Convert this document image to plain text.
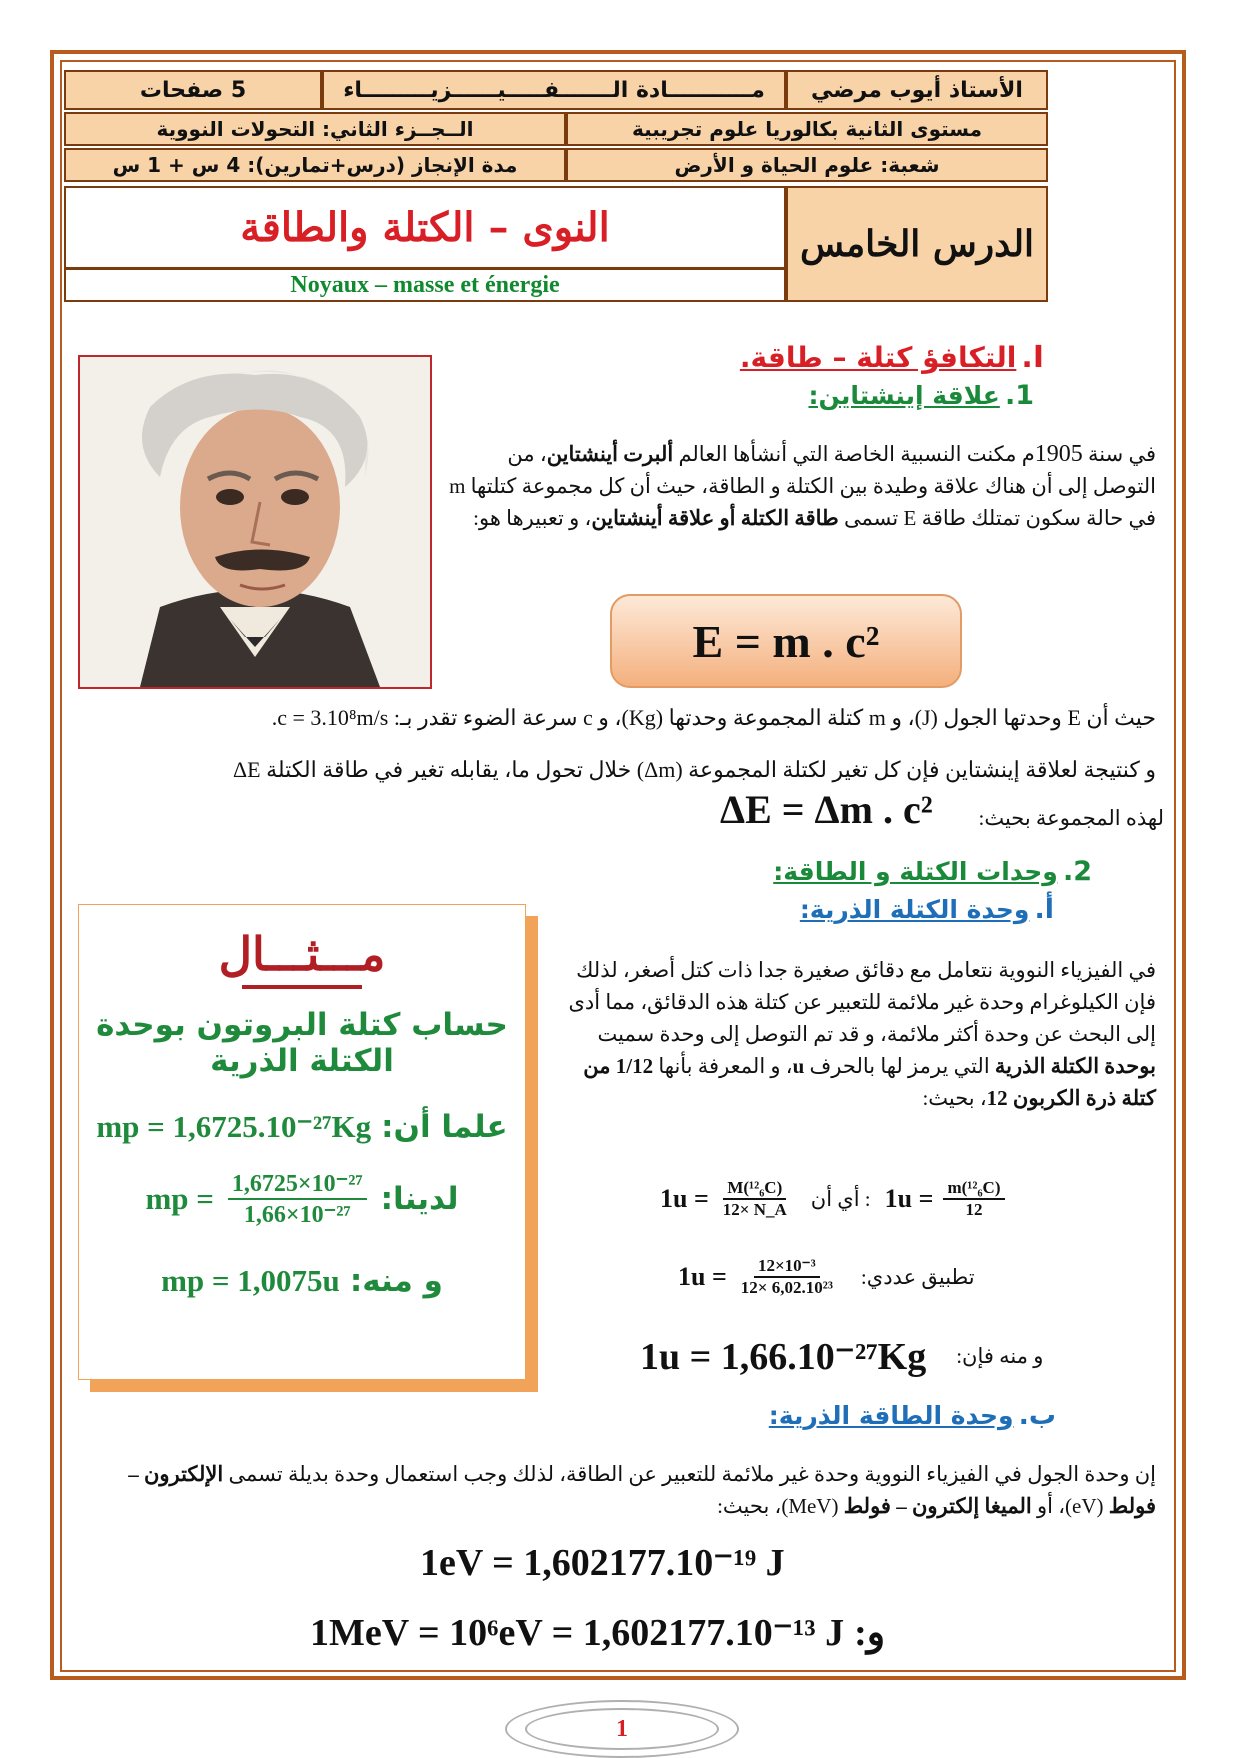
الأستاذ أيوب مرضي
مـــــــــــادة الـــــــفـــــيــــــزيـــــــــاء
5 صفحات
مستوى الثانية بكالوريا علوم تجريبية
الــجــزء الثاني: التحولات النووية
شعبة: علوم الحياة و الأرض
مدة الإنجاز (درس+تمارين): 4 س + 1 س
الدرس الخامس
النوى – الكتلة والطاقة
Noyaux – masse et énergie
I. التكافؤ كتلة – طاقة.
1. علاقة إينشتاين:
في سنة 1905م مكنت النسبية الخاصة التي أنشأها العالم ألبرت أينشتاين، من التوصل إلى أن هناك علاقة وطيدة بين الكتلة و الطاقة، حيث أن كل مجموعة كتلتها m في حالة سكون تمتلك طاقة E تسمى طاقة الكتلة أو علاقة أينشتاين، و تعبيرها هو:
E = m . c²
حيث أن E وحدتها الجول (J)، و m كتلة المجموعة وحدتها (Kg)، و c سرعة الضوء تقدر بـ: c = 3.10⁸m/s.
و كنتيجة لعلاقة إينشتاين فإن كل تغير لكتلة المجموعة (Δm) خلال تحول ما، يقابله تغير في طاقة الكتلة ΔE
لهذه المجموعة بحيث:
ΔE = Δm . c²
2. وحدات الكتلة و الطاقة:
أ. وحدة الكتلة الذرية:
في الفيزياء النووية نتعامل مع دقائق صغيرة جدا ذات كتل أصغر، لذلك فإن الكيلوغرام وحدة غير ملائمة للتعبير عن كتلة هذه الدقائق، مما أدى إلى البحث عن وحدة أكثر ملائمة، و قد تم التوصل إلى وحدة سميت بوحدة الكتلة الذرية التي يرمز لها بالحرف u، و المعرفة بأنها 1/12 من كتلة ذرة الكربون 12، بحيث:
$1u = \frac{\text{M(¹²₆C)}}{12\times N\_A}$ : أي أن $1u = \frac{\text{m(¹²₆C)}}{12}$
$1u = \frac{\text{12×10⁻³}}{\text{12× 6,02.10²³}}$ تطبيق عددي:
1u = 1,66.10⁻²⁷Kg و منه فإن:
ب. وحدة الطاقة الذرية:
إن وحدة الجول في الفيزياء النووية وحدة غير ملائمة للتعبير عن الطاقة، لذلك وجب استعمال وحدة بديلة تسمى الإلكترون – فولط (eV)، أو الميغا إلكترون – فولط (MeV)، بحيث:
1eV = 1,602177.10⁻¹⁹ J
1MeV = 10⁶eV = 1,602177.10⁻¹³ J و:
مـــثـــال
حساب كتلة البروتون بوحدة الكتلة الذرية
mp = 1,6725.10⁻²⁷Kg علما أن:
mp = $\frac{\text{1,6725×10⁻²⁷}}{\text{1,66×10⁻²⁷}}$ لدينا:
mp = 1,0075u و منه:
1
